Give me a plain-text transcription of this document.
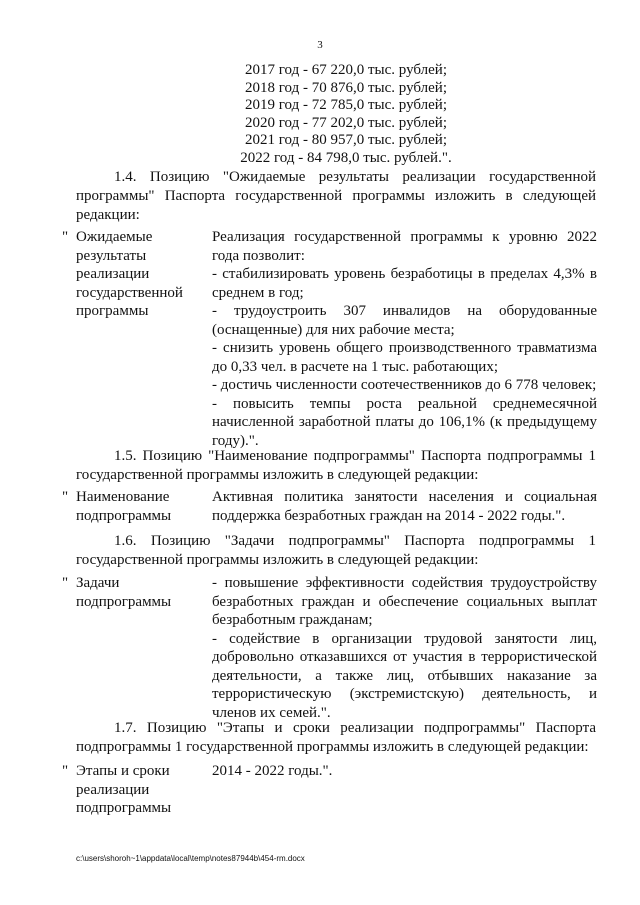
3
2017 год - 67 220,0 тыс. рублей;
2018 год - 70 876,0 тыс. рублей;
2019 год - 72 785,0 тыс. рублей;
2020 год - 77 202,0 тыс. рублей;
2021 год - 80 957,0 тыс. рублей;
2022 год - 84 798,0 тыс. рублей.".
1.4. Позицию "Ожидаемые результаты реализации государственной программы" Паспорта государственной программы изложить в следующей редакции:
" Ожидаемые результаты реализации государственной программы
Реализация государственной программы к уровню 2022 года позволит:
- стабилизировать уровень безработицы в пределах 4,3% в среднем в год;
- трудоустроить 307 инвалидов на оборудованные (оснащенные) для них рабочие места;
- снизить уровень общего производственного травматизма до 0,33 чел. в расчете на 1 тыс. работающих;
- достичь численности соотечественников до 6 778 человек;
- повысить темпы роста реальной среднемесячной начисленной заработной платы до 106,1% (к предыдущему году).".
1.5. Позицию "Наименование подпрограммы" Паспорта подпрограммы 1 государственной программы изложить в следующей редакции:
" Наименование подпрограммы
Активная политика занятости населения и социальная поддержка безработных граждан на 2014 - 2022 годы.".
1.6. Позицию "Задачи подпрограммы" Паспорта подпрограммы 1 государственной программы изложить в следующей редакции:
" Задачи подпрограммы
- повышение эффективности содействия трудоустройству безработных граждан и обеспечение социальных выплат безработным гражданам;
- содействие в организации трудовой занятости лиц, добровольно отказавшихся от участия в террористической деятельности, а также лиц, отбывших наказание за террористическую (экстремистскую) деятельность, и членов их семей.".
1.7. Позицию "Этапы и сроки реализации подпрограммы" Паспорта подпрограммы 1 государственной программы изложить в следующей редакции:
" Этапы и сроки реализации подпрограммы
2014 - 2022 годы.".
c:\users\shoroh~1\appdata\local\temp\notes87944b\454-rm.docx
